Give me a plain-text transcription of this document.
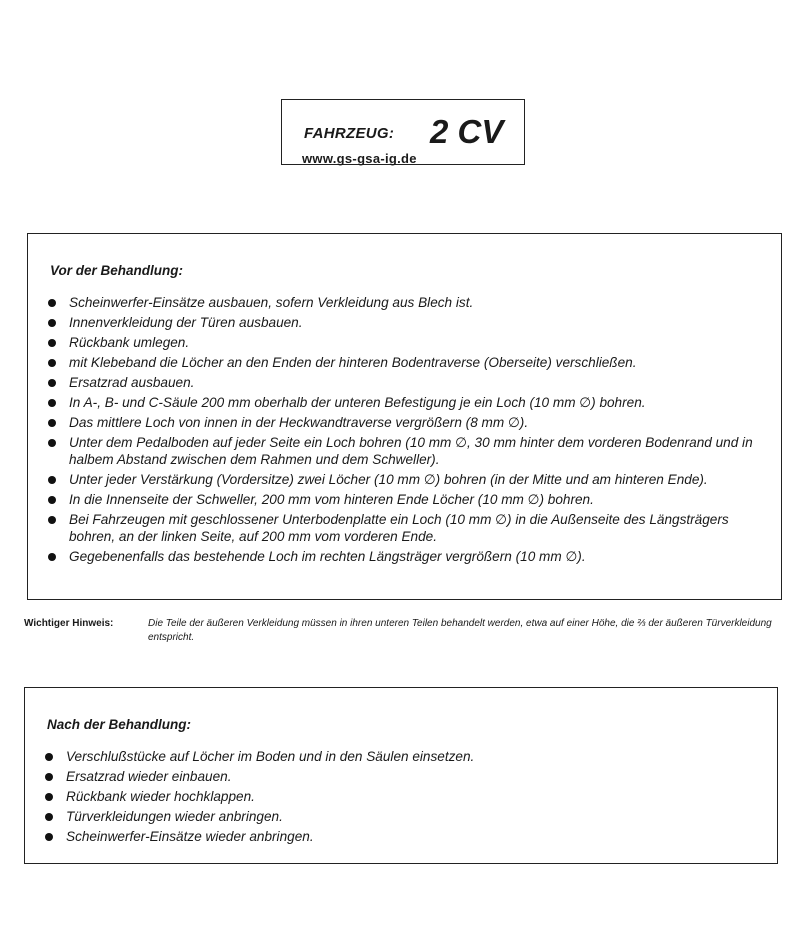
FAHRZEUG: 2 CV
www.gs-gsa-ig.de
Vor der Behandlung:
Scheinwerfer-Einsätze ausbauen, sofern Verkleidung aus Blech ist.
Innenverkleidung der Türen ausbauen.
Rückbank umlegen.
mit Klebeband die Löcher an den Enden der hinteren Bodentraverse (Oberseite) verschließen.
Ersatzrad ausbauen.
In A-, B- und C-Säule 200 mm oberhalb der unteren Befestigung je ein Loch (10 mm ∅) bohren.
Das mittlere Loch von innen in der Heckwandtraverse vergrößern (8 mm ∅).
Unter dem Pedalboden auf jeder Seite ein Loch bohren (10 mm ∅, 30 mm hinter dem vorderen Bodenrand und in halbem Abstand zwischen dem Rahmen und dem Schweller).
Unter jeder Verstärkung (Vordersitze) zwei Löcher (10 mm ∅) bohren (in der Mitte und am hinteren Ende).
In die Innenseite der Schweller, 200 mm vom hinteren Ende Löcher (10 mm ∅) bohren.
Bei Fahrzeugen mit geschlossener Unterbodenplatte ein Loch (10 mm ∅) in die Außenseite des Längsträgers bohren, an der linken Seite, auf 200 mm vom vorderen Ende.
Gegebenenfalls das bestehende Loch im rechten Längsträger vergrößern (10 mm ∅).
Wichtiger Hinweis:	Die Teile der äußeren Verkleidung müssen in ihren unteren Teilen behandelt werden, etwa auf einer Höhe, die ⅔ der äußeren Türverkleidung entspricht.
Nach der Behandlung:
Verschlußstücke auf Löcher im Boden und in den Säulen einsetzen.
Ersatzrad wieder einbauen.
Rückbank wieder hochklappen.
Türverkleidungen wieder anbringen.
Scheinwerfer-Einsätze wieder anbringen.
